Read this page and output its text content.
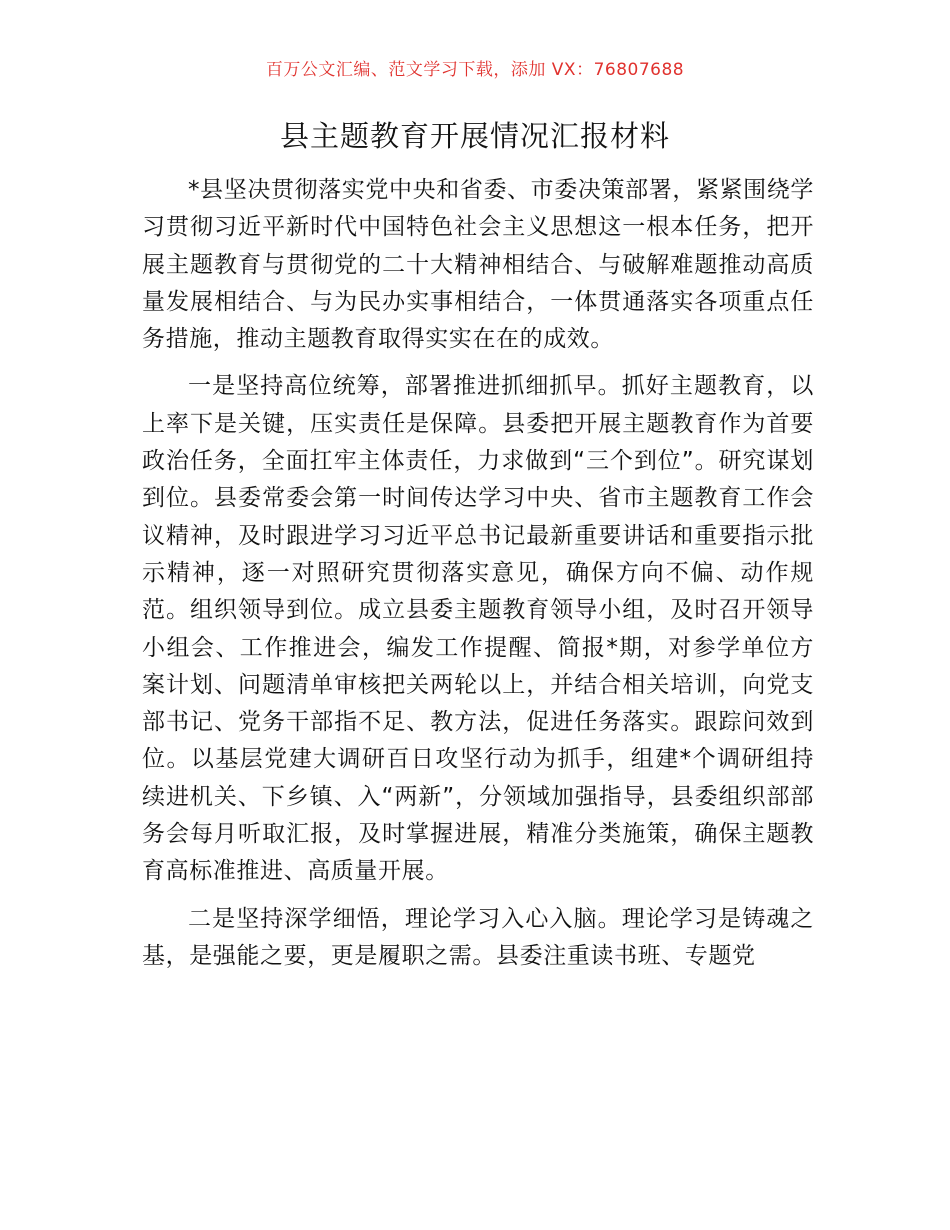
百万公文汇编、范文学习下载，添加 VX：76807688
县主题教育开展情况汇报材料

*县坚决贯彻落实党中央和省委、市委决策部署，紧紧围绕学习贯彻习近平新时代中国特色社会主义思想这一根本任务，把开展主题教育与贯彻党的二十大精神相结合、与破解难题推动高质量发展相结合、与为民办实事相结合，一体贯通落实各项重点任务措施，推动主题教育取得实实在在的成效。

一是坚持高位统筹，部署推进抓细抓早。抓好主题教育，以上率下是关键，压实责任是保障。县委把开展主题教育作为首要政治任务，全面扛牢主体责任，力求做到“三个到位”。研究谋划到位。县委常委会第一时间传达学习中央、省市主题教育工作会议精神，及时跟进学习习近平总书记最新重要讲话和重要指示批示精神，逐一对照研究贯彻落实意见，确保方向不偏、动作规范。组织领导到位。成立县委主题教育领导小组，及时召开领导小组会、工作推进会，编发工作提醒、简报*期，对参学单位方案计划、问题清单审核把关两轮以上，并结合相关培训，向党支部书记、党务干部指不足、教方法，促进任务落实。跟踪问效到位。以基层党建大调研百日攻坚行动为抓手，组建*个调研组持续进机关、下乡镇、入“两新”，分领域加强指导，县委组织部部务会每月听取汇报，及时掌握进展，精准分类施策，确保主题教育高标准推进、高质量开展。

二是坚持深学细悟，理论学习入心入脑。理论学习是铸魂之基，是强能之要，更是履职之需。县委注重读书班、专题党
